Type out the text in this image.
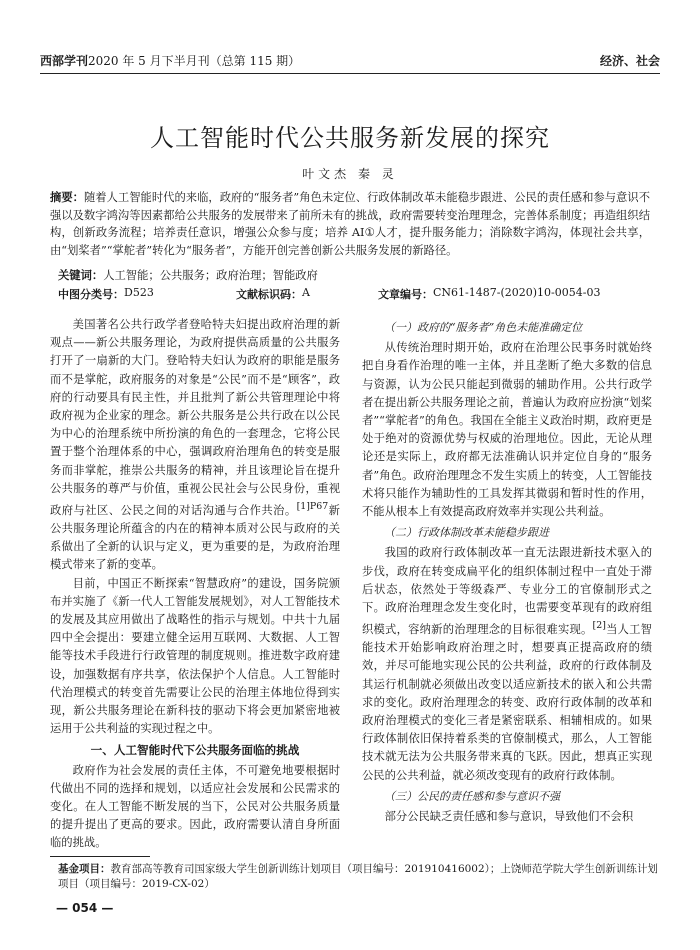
西部学刊2020 年 5 月下半月刊（总第 115 期）	经济、社会
人工智能时代公共服务新发展的探究
叶文杰 秦 灵
摘要：随着人工智能时代的来临，政府的“服务者”角色未定位、行政体制改革未能稳步跟进、公民的责任感和参与意识不强以及数字鸿沟等因素都给公共服务的发展带来了前所未有的挑战，政府需要转变治理理念，完善体系制度；再造组织结构，创新政务流程；培养责任意识，增强公众参与度；培养 AI①人才，提升服务能力；消除数字鸿沟，体现社会共享，由“划桨者”“掌舵者”转化为“服务者”，方能开创完善创新公共服务发展的新路径。
关键词：人工智能；公共服务；政府治理；智能政府
中图分类号： D523	文献标识码： A	文章编号： CN61-1487-(2020)10-0054-03

美国著名公共行政学者登哈特夫妇提出政府治理的新观点——新公共服务理论，为政府提供高质量的公共服务打开了一扇新的大门。登哈特夫妇认为政府的职能是服务而不是掌舵，政府服务的对象是“公民”而不是“顾客”，政府的行动要具有民主性，并且批判了新公共管理理论中将政府视为企业家的理念。新公共服务是公共行政在以公民为中心的治理系统中所扮演的角色的一套理念，它将公民置于整个治理体系的中心，强调政府治理角色的转变是服务而非掌舵，推崇公共服务的精神，并且该理论旨在提升公共服务的尊严与价值，重视公民社会与公民身份，重视政府与社区、公民之间的对话沟通与合作共治。$^{[1]P67}$新公共服务理论所蕴含的内在的精神本质对公民与政府的关系做出了全新的认识与定义，更为重要的是，为政府治理模式带来了新的变革。

目前，中国正不断探索“智慧政府”的建设，国务院颁布并实施了《新一代人工智能发展规划》，对人工智能技术的发展及其应用做出了战略性的指示与规划。中共十九届四中全会提出：要建立健全运用互联网、大数据、人工智能等技术手段进行行政管理的制度规则。推进数字政府建设，加强数据有序共享，依法保护个人信息。人工智能时代治理模式的转变首先需要让公民的治理主体地位得到实现，新公共服务理论在新科技的驱动下将会更加紧密地被运用于公共利益的实现过程之中。

一、人工智能时代下公共服务面临的挑战

政府作为社会发展的责任主体，不可避免地要根据时代做出不同的选择和规划，以适应社会发展和公民需求的变化。在人工智能不断发展的当下，公民对公共服务质量的提升提出了更高的要求。因此，政府需要认清自身所面临的挑战。

（一）政府的“服务者”角色未能准确定位

从传统治理时期开始，政府在治理公民事务时就始终把自身看作治理的唯一主体，并且垄断了绝大多数的信息与资源，认为公民只能起到微弱的辅助作用。公共行政学者在提出新公共服务理论之前，普遍认为政府应扮演“划桨者”“掌舵者”的角色。我国在全能主义政治时期，政府更是处于绝对的资源优势与权威的治理地位。因此，无论从理论还是实际上，政府都无法准确认识并定位自身的“服务者”角色。政府治理理念不发生实质上的转变，人工智能技术将只能作为辅助性的工具发挥其微弱和暂时性的作用，不能从根本上有效提高政府效率并实现公共利益。

（二）行政体制改革未能稳步跟进

我国的政府行政体制改革一直无法跟进新技术驱入的步伐，政府在转变成扁平化的组织体制过程中一直处于滞后状态，依然处于等级森严、专业分工的官僚制形式之下。政府治理理念发生变化时，也需要变革现有的政府组织模式，容纳新的治理理念的目标很难实现。[2]当人工智能技术开始影响政府治理之时，想要真正提高政府的绩效，并尽可能地实现公民的公共利益，政府的行政体制及其运行机制就必须做出改变以适应新技术的嵌入和公共需求的变化。政府治理理念的转变、政府行政体制的改革和政府治理模式的变化三者是紧密联系、相辅相成的。如果行政体制依旧保持着系类的官僚制模式，那么，人工智能技术就无法为公共服务带来真的飞跃。因此，想真正实现公民的公共利益，就必须改变现有的政府行政体制。

（三）公民的责任感和参与意识不强

部分公民缺乏责任感和参与意识，导致他们不会积

基金项目：教育部高等教育司国家级大学生创新训练计划项目（项目编号：201910416002）；上饶师范学院大学生创新训练计划项目（项目编号：2019-CX-02）
— 054 —
